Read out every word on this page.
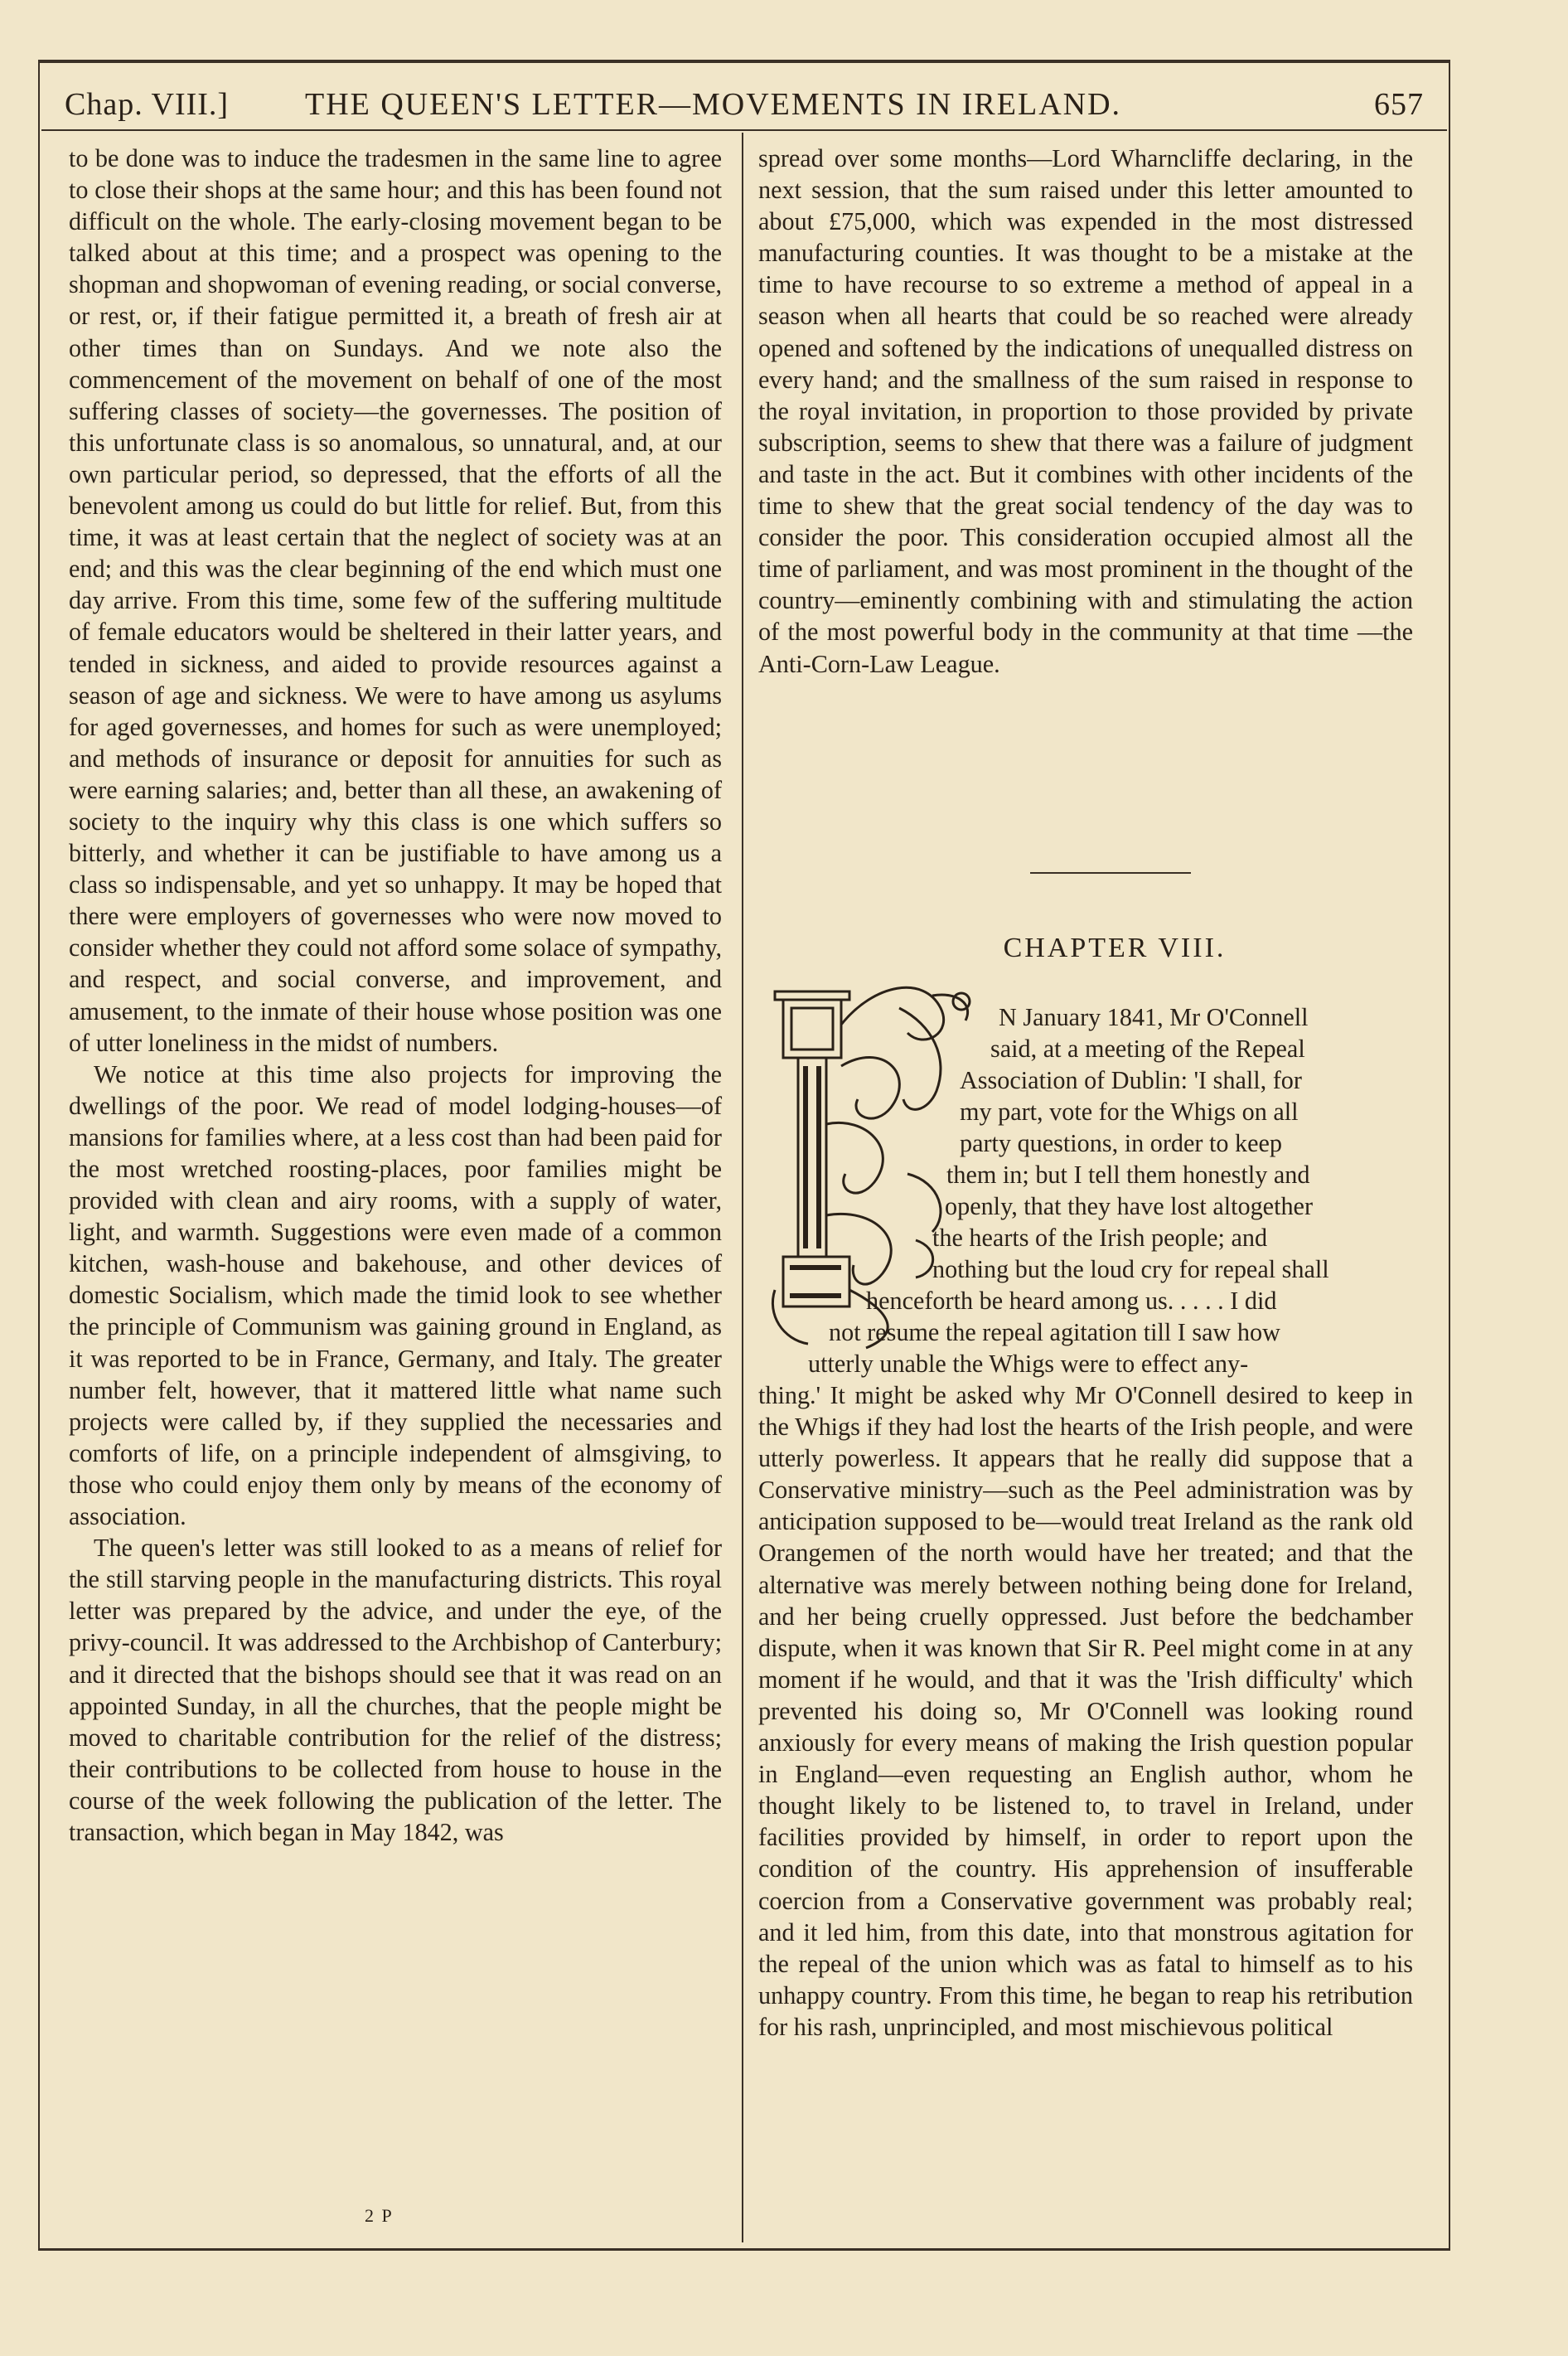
Chap. VIII.] THE QUEEN'S LETTER—MOVEMENTS IN IRELAND.	657

to be done was to induce the tradesmen in the same line to agree to close their shops at the same hour; and this has been found not difficult on the whole. The early-closing movement began to be talked about at this time; and a prospect was opening to the shopman and shopwoman of evening reading, or social converse, or rest, or, if their fatigue permitted it, a breath of fresh air at other times than on Sundays. And we note also the commencement of the movement on behalf of one of the most suffering classes of society—the governesses. The position of this unfortunate class is so anomalous, so unnatural, and, at our own particular period, so depressed, that the efforts of all the benevolent among us could do but little for relief. But, from this time, it was at least certain that the neglect of society was at an end; and this was the clear beginning of the end which must one day arrive. From this time, some few of the suffering multitude of female educators would be sheltered in their latter years, and tended in sickness, and aided to provide resources against a season of age and sickness. We were to have among us asylums for aged governesses, and homes for such as were unemployed; and methods of insurance or deposit for annuities for such as were earning salaries; and, better than all these, an awakening of society to the inquiry why this class is one which suffers so bitterly, and whether it can be justifiable to have among us a class so indispensable, and yet so unhappy. It may be hoped that there were employers of governesses who were now moved to consider whether they could not afford some solace of sympathy, and respect, and social converse, and improvement, and amusement, to the inmate of their house whose position was one of utter loneliness in the midst of numbers.

We notice at this time also projects for improving the dwellings of the poor. We read of model lodging-houses—of mansions for families where, at a less cost than had been paid for the most wretched roosting-places, poor families might be provided with clean and airy rooms, with a supply of water, light, and warmth. Suggestions were even made of a common kitchen, wash-house and bakehouse, and other devices of domestic Socialism, which made the timid look to see whether the principle of Communism was gaining ground in England, as it was reported to be in France, Germany, and Italy. The greater number felt, however, that it mattered little what name such projects were called by, if they supplied the necessaries and comforts of life, on a principle independent of almsgiving, to those who could enjoy them only by means of the economy of association.

The queen's letter was still looked to as a means of relief for the still starving people in the manufacturing districts. This royal letter was prepared by the advice, and under the eye, of the privy-council. It was addressed to the Archbishop of Canterbury; and it directed that the bishops should see that it was read on an appointed Sunday, in all the churches, that the people might be moved to charitable contribution for the relief of the distress; their contributions to be collected from house to house in the course of the week following the publication of the letter. The transaction, which began in May 1842, was

spread over some months—Lord Wharncliffe declaring, in the next session, that the sum raised under this letter amounted to about £75,000, which was expended in the most distressed manufacturing counties. It was thought to be a mistake at the time to have recourse to so extreme a method of appeal in a season when all hearts that could be so reached were already opened and softened by the indications of unequalled distress on every hand; and the smallness of the sum raised in response to the royal invitation, in proportion to those provided by private subscription, seems to shew that there was a failure of judgment and taste in the act. But it combines with other incidents of the time to shew that the great social tendency of the day was to consider the poor. This consideration occupied almost all the time of parliament, and was most prominent in the thought of the country—eminently combining with and stimulating the action of the most powerful body in the community at that time —the Anti-Corn-Law League.

CHAPTER VIII.
N January 1841, Mr O'Connell
said, at a meeting of the Repeal
Association of Dublin: 'I shall, for
my part, vote for the Whigs on all
party questions, in order to keep
them in; but I tell them honestly and
openly, that they have lost altogether
the hearts of the Irish people; and
nothing but the loud cry for repeal shall
henceforth be heard among us. . . . . I did
not resume the repeal agitation till I saw how
utterly unable the Whigs were to effect any-

thing.' It might be asked why Mr O'Connell desired to keep in the Whigs if they had lost the hearts of the Irish people, and were utterly powerless. It appears that he really did suppose that a Conservative ministry—such as the Peel administration was by anticipation supposed to be—would treat Ireland as the rank old Orangemen of the north would have her treated; and that the alternative was merely between nothing being done for Ireland, and her being cruelly oppressed. Just before the bedchamber dispute, when it was known that Sir R. Peel might come in at any moment if he would, and that it was the 'Irish difficulty' which prevented his doing so, Mr O'Connell was looking round anxiously for every means of making the Irish question popular in England—even requesting an English author, whom he thought likely to be listened to, to travel in Ireland, under facilities provided by himself, in order to report upon the condition of the country. His apprehension of insufferable coercion from a Conservative government was probably real; and it led him, from this date, into that monstrous agitation for the repeal of the union which was as fatal to himself as to his unhappy country. From this time, he began to reap his retribution for his rash, unprincipled, and most mischievous political

2 P
